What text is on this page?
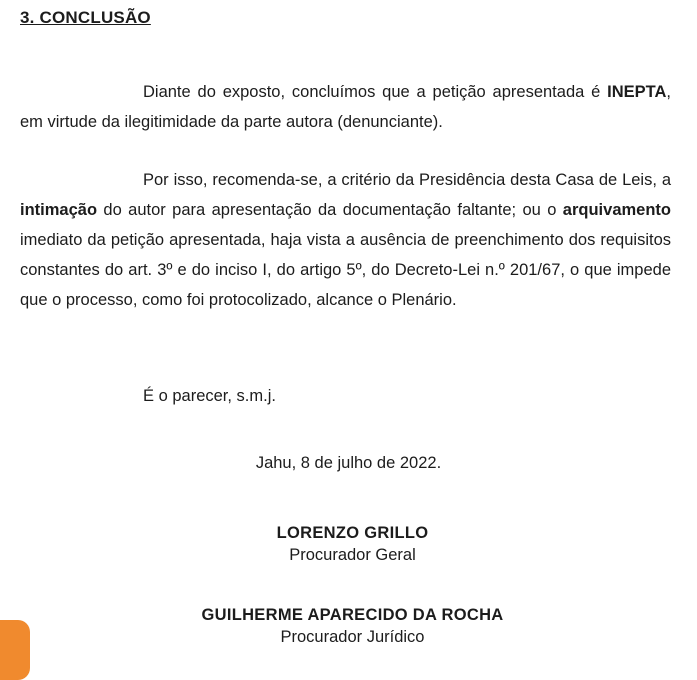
3. CONCLUSÃO

Diante do exposto, concluímos que a petição apresentada é INEPTA, em virtude da ilegitimidade da parte autora (denunciante).

Por isso, recomenda-se, a critério da Presidência desta Casa de Leis, a intimação do autor para apresentação da documentação faltante; ou o arquivamento imediato da petição apresentada, haja vista a ausência de preenchimento dos requisitos constantes do art. 3º e do inciso I, do artigo 5º, do Decreto-Lei n.º 201/67, o que impede que o processo, como foi protocolizado, alcance o Plenário.

É o parecer, s.m.j.
Jahu, 8 de julho de 2022.
LORENZO GRILLO
Procurador Geral
GUILHERME APARECIDO DA ROCHA
Procurador Jurídico
